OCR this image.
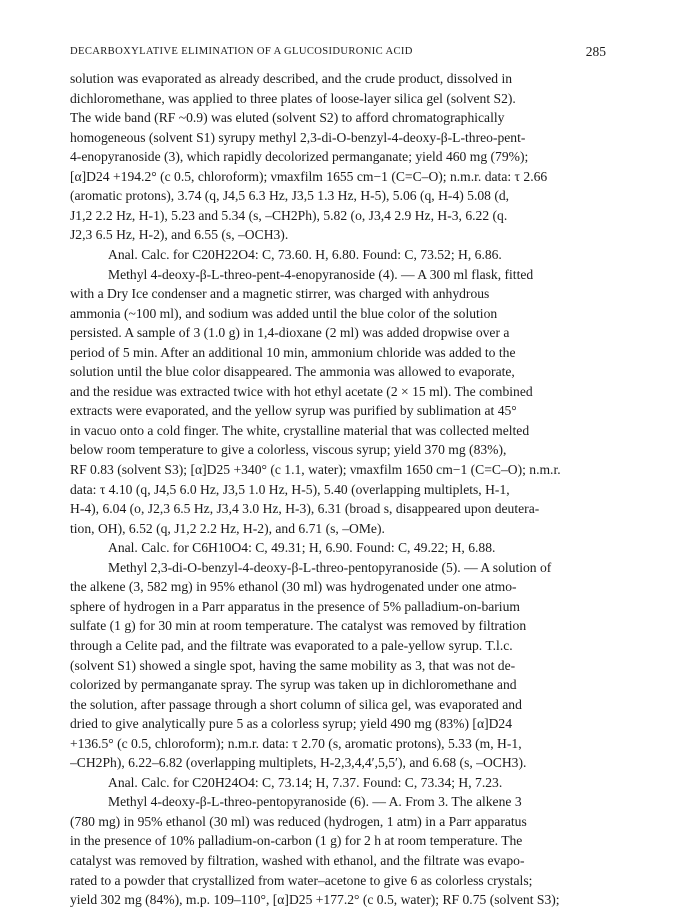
DECARBOXYLATIVE ELIMINATION OF A GLUCOSIDURONIC ACID	285
solution was evaporated as already described, and the crude product, dissolved in
dichloromethane, was applied to three plates of loose-layer silica gel (solvent S2).
The wide band (RF ~0.9) was eluted (solvent S2) to afford chromatographically
homogeneous (solvent S1) syrupy methyl 2,3-di-O-benzyl-4-deoxy-β-L-threo-pent-
4-enopyranoside (3), which rapidly decolorized permanganate; yield 460 mg (79%);
[α]D24 +194.2° (c 0.5, chloroform); νmaxfilm 1655 cm−1 (C=C–O); n.m.r. data: τ 2.66
(aromatic protons), 3.74 (q, J4,5 6.3 Hz, J3,5 1.3 Hz, H-5), 5.06 (q, H-4) 5.08 (d,
J1,2 2.2 Hz, H-1), 5.23 and 5.34 (s, –CH2Ph), 5.82 (o, J3,4 2.9 Hz, H-3, 6.22 (q.
J2,3 6.5 Hz, H-2), and 6.55 (s, –OCH3).
Anal. Calc. for C20H22O4: C, 73.60. H, 6.80. Found: C, 73.52; H, 6.86.
Methyl 4-deoxy-β-L-threo-pent-4-enopyranoside (4). — A 300 ml flask, fitted
with a Dry Ice condenser and a magnetic stirrer, was charged with anhydrous
ammonia (~100 ml), and sodium was added until the blue color of the solution
persisted. A sample of 3 (1.0 g) in 1,4-dioxane (2 ml) was added dropwise over a
period of 5 min. After an additional 10 min, ammonium chloride was added to the
solution until the blue color disappeared. The ammonia was allowed to evaporate,
and the residue was extracted twice with hot ethyl acetate (2 × 15 ml). The combined
extracts were evaporated, and the yellow syrup was purified by sublimation at 45°
in vacuo onto a cold finger. The white, crystalline material that was collected melted
below room temperature to give a colorless, viscous syrup; yield 370 mg (83%),
RF 0.83 (solvent S3); [α]D25 +340° (c 1.1, water); νmaxfilm 1650 cm−1 (C=C–O); n.m.r.
data: τ 4.10 (q, J4,5 6.0 Hz, J3,5 1.0 Hz, H-5), 5.40 (overlapping multiplets, H-1,
H-4), 6.04 (o, J2,3 6.5 Hz, J3,4 3.0 Hz, H-3), 6.31 (broad s, disappeared upon deutera-
tion, OH), 6.52 (q, J1,2 2.2 Hz, H-2), and 6.71 (s, –OMe).
Anal. Calc. for C6H10O4: C, 49.31; H, 6.90. Found: C, 49.22; H, 6.88.
Methyl 2,3-di-O-benzyl-4-deoxy-β-L-threo-pentopyranoside (5). — A solution of
the alkene (3, 582 mg) in 95% ethanol (30 ml) was hydrogenated under one atmo-
sphere of hydrogen in a Parr apparatus in the presence of 5% palladium-on-barium
sulfate (1 g) for 30 min at room temperature. The catalyst was removed by filtration
through a Celite pad, and the filtrate was evaporated to a pale-yellow syrup. T.l.c.
(solvent S1) showed a single spot, having the same mobility as 3, that was not de-
colorized by permanganate spray. The syrup was taken up in dichloromethane and
the solution, after passage through a short column of silica gel, was evaporated and
dried to give analytically pure 5 as a colorless syrup; yield 490 mg (83%) [α]D24
+136.5° (c 0.5, chloroform); n.m.r. data: τ 2.70 (s, aromatic protons), 5.33 (m, H-1,
–CH2Ph), 6.22–6.82 (overlapping multiplets, H-2,3,4,4′,5,5′), and 6.68 (s, –OCH3).
Anal. Calc. for C20H24O4: C, 73.14; H, 7.37. Found: C, 73.34; H, 7.23.
Methyl 4-deoxy-β-L-threo-pentopyranoside (6). — A. From 3. The alkene 3
(780 mg) in 95% ethanol (30 ml) was reduced (hydrogen, 1 atm) in a Parr apparatus
in the presence of 10% palladium-on-carbon (1 g) for 2 h at room temperature. The
catalyst was removed by filtration, washed with ethanol, and the filtrate was evapo-
rated to a powder that crystallized from water–acetone to give 6 as colorless crystals;
yield 302 mg (84%), m.p. 109–110°, [α]D25 +177.2° (c 0.5, water); RF 0.75 (solvent S3);
